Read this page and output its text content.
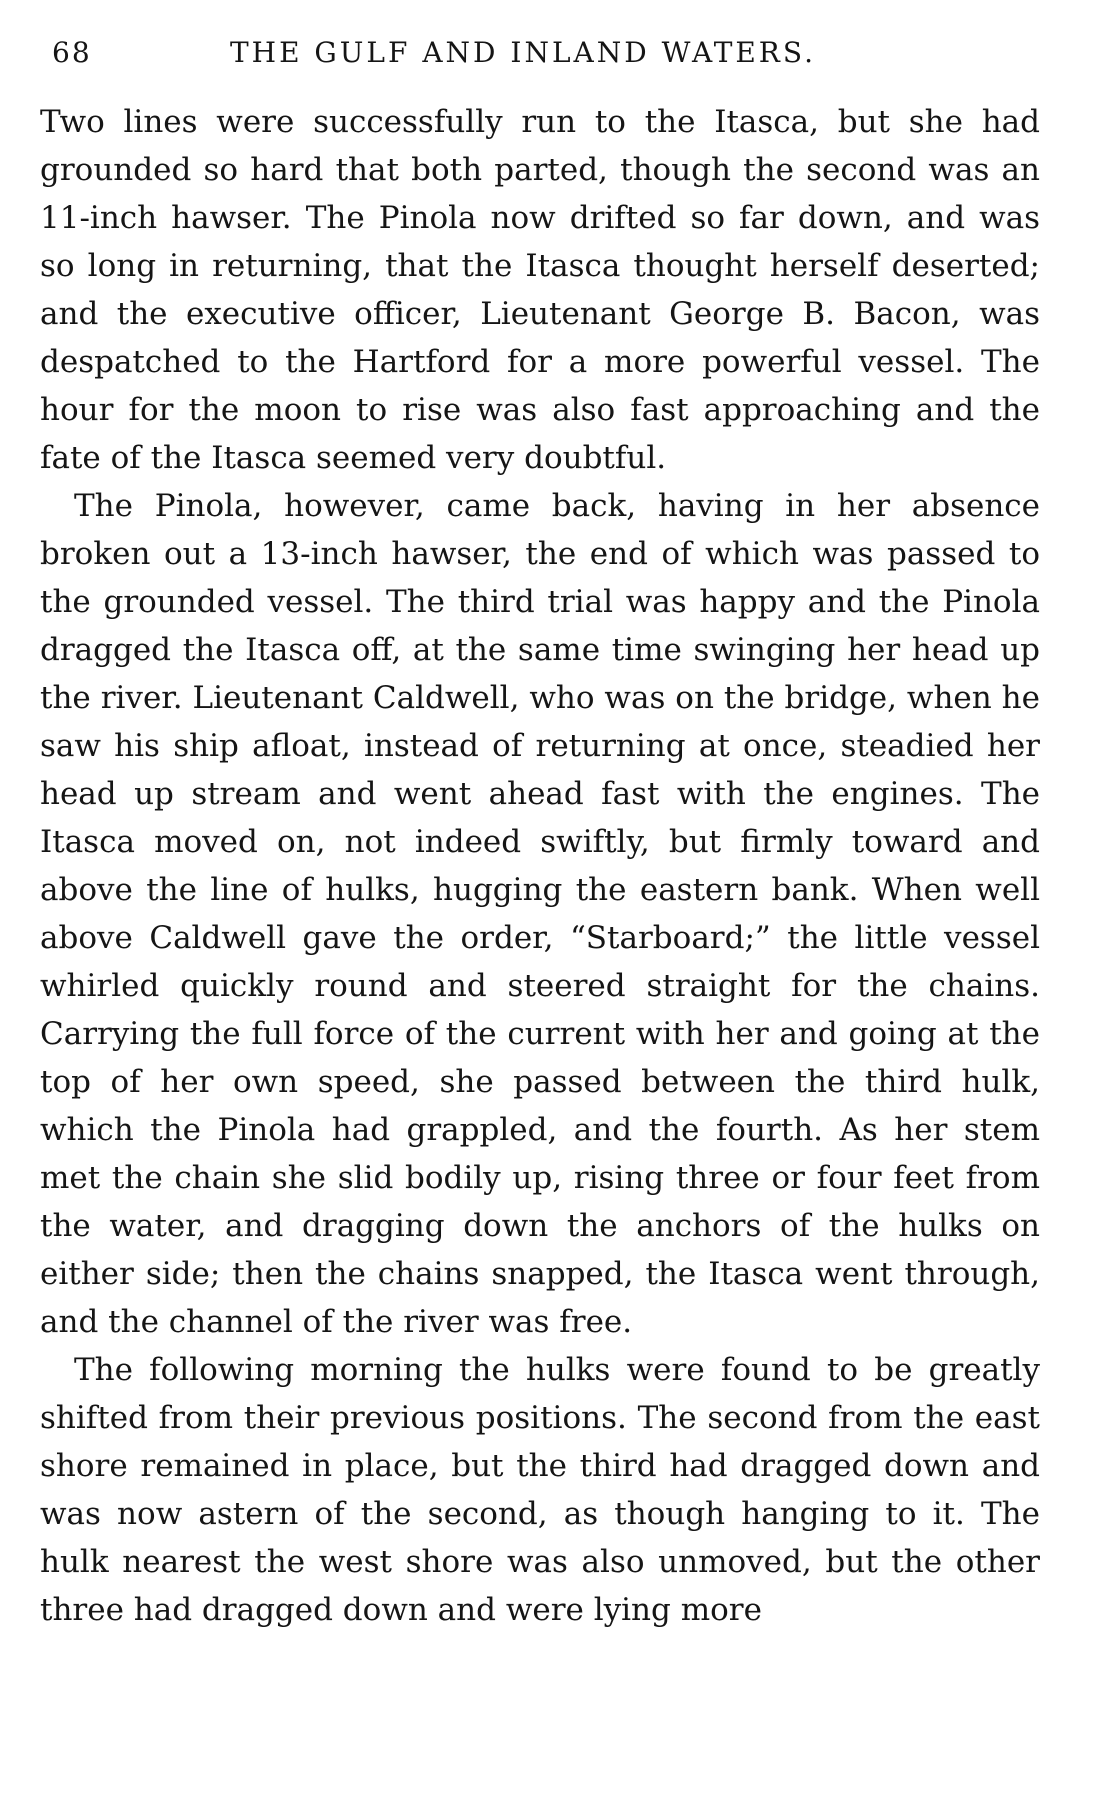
68	THE GULF AND INLAND WATERS.

Two lines were successfully run to the Itasca, but she had grounded so hard that both parted, though the second was an 11-inch hawser. The Pinola now drifted so far down, and was so long in returning, that the Itasca thought herself deserted; and the executive officer, Lieutenant George B. Bacon, was despatched to the Hartford for a more powerful vessel. The hour for the moon to rise was also fast approaching and the fate of the Itasca seemed very doubtful.

The Pinola, however, came back, having in her absence broken out a 13-inch hawser, the end of which was passed to the grounded vessel. The third trial was happy and the Pinola dragged the Itasca off, at the same time swinging her head up the river. Lieutenant Caldwell, who was on the bridge, when he saw his ship afloat, instead of returning at once, steadied her head up stream and went ahead fast with the engines. The Itasca moved on, not indeed swiftly, but firmly toward and above the line of hulks, hugging the eastern bank. When well above Caldwell gave the order, “Starboard;” the little vessel whirled quickly round and steered straight for the chains. Carrying the full force of the current with her and going at the top of her own speed, she passed between the third hulk, which the Pinola had grappled, and the fourth. As her stem met the chain she slid bodily up, rising three or four feet from the water, and dragging down the anchors of the hulks on either side; then the chains snapped, the Itasca went through, and the channel of the river was free.

The following morning the hulks were found to be greatly shifted from their previous positions. The second from the east shore remained in place, but the third had dragged down and was now astern of the second, as though hanging to it. The hulk nearest the west shore was also unmoved, but the other three had dragged down and were lying more
